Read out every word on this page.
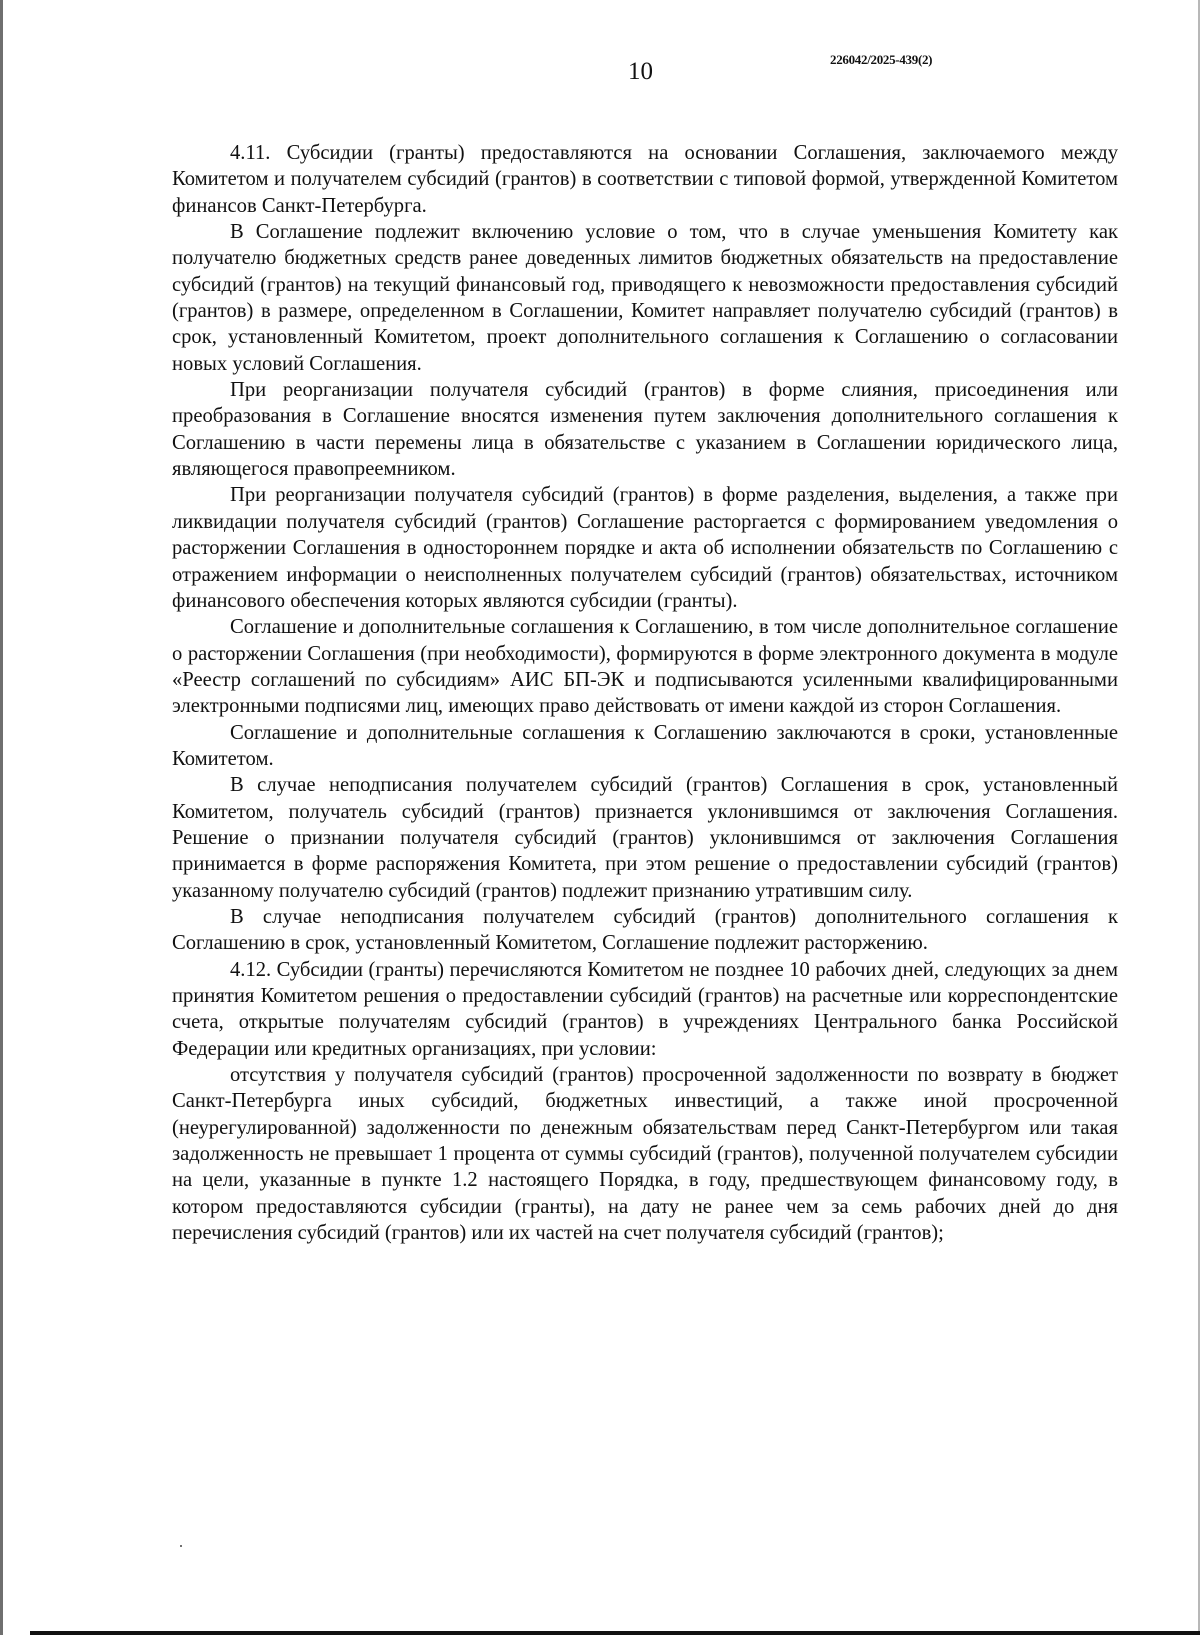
10	226042/2025-439(2)

4.11. Субсидии (гранты) предоставляются на основании Соглашения, заключаемого между Комитетом и получателем субсидий (грантов) в соответствии с типовой формой, утвержденной Комитетом финансов Санкт-Петербурга.

В Соглашение подлежит включению условие о том, что в случае уменьшения Комитету как получателю бюджетных средств ранее доведенных лимитов бюджетных обязательств на предоставление субсидий (грантов) на текущий финансовый год, приводящего к невозможности предоставления субсидий (грантов) в размере, определенном в Соглашении, Комитет направляет получателю субсидий (грантов) в срок, установленный Комитетом, проект дополнительного соглашения к Соглашению о согласовании новых условий Соглашения.

При реорганизации получателя субсидий (грантов) в форме слияния, присоединения или преобразования в Соглашение вносятся изменения путем заключения дополнительного соглашения к Соглашению в части перемены лица в обязательстве с указанием в Соглашении юридического лица, являющегося правопреемником.

При реорганизации получателя субсидий (грантов) в форме разделения, выделения, а также при ликвидации получателя субсидий (грантов) Соглашение расторгается с формированием уведомления о расторжении Соглашения в одностороннем порядке и акта об исполнении обязательств по Соглашению с отражением информации о неисполненных получателем субсидий (грантов) обязательствах, источником финансового обеспечения которых являются субсидии (гранты).

Соглашение и дополнительные соглашения к Соглашению, в том числе дополнительное соглашение о расторжении Соглашения (при необходимости), формируются в форме электронного документа в модуле «Реестр соглашений по субсидиям» АИС БП-ЭК и подписываются усиленными квалифицированными электронными подписями лиц, имеющих право действовать от имени каждой из сторон Соглашения.

Соглашение и дополнительные соглашения к Соглашению заключаются в сроки, установленные Комитетом.

В случае неподписания получателем субсидий (грантов) Соглашения в срок, установленный Комитетом, получатель субсидий (грантов) признается уклонившимся от заключения Соглашения. Решение о признании получателя субсидий (грантов) уклонившимся от заключения Соглашения принимается в форме распоряжения Комитета, при этом решение о предоставлении субсидий (грантов) указанному получателю субсидий (грантов) подлежит признанию утратившим силу.

В случае неподписания получателем субсидий (грантов) дополнительного соглашения к Соглашению в срок, установленный Комитетом, Соглашение подлежит расторжению.

4.12. Субсидии (гранты) перечисляются Комитетом не позднее 10 рабочих дней, следующих за днем принятия Комитетом решения о предоставлении субсидий (грантов) на расчетные или корреспондентские счета, открытые получателям субсидий (грантов) в учреждениях Центрального банка Российской Федерации или кредитных организациях, при условии:

отсутствия у получателя субсидий (грантов) просроченной задолженности по возврату в бюджет Санкт-Петербурга иных субсидий, бюджетных инвестиций, а также иной просроченной (неурегулированной) задолженности по денежным обязательствам перед Санкт-Петербургом или такая задолженность не превышает 1 процента от суммы субсидий (грантов), полученной получателем субсидии на цели, указанные в пункте 1.2 настоящего Порядка, в году, предшествующем финансовому году, в котором предоставляются субсидии (гранты), на дату не ранее чем за семь рабочих дней до дня перечисления субсидий (грантов) или их частей на счет получателя субсидий (грантов);
